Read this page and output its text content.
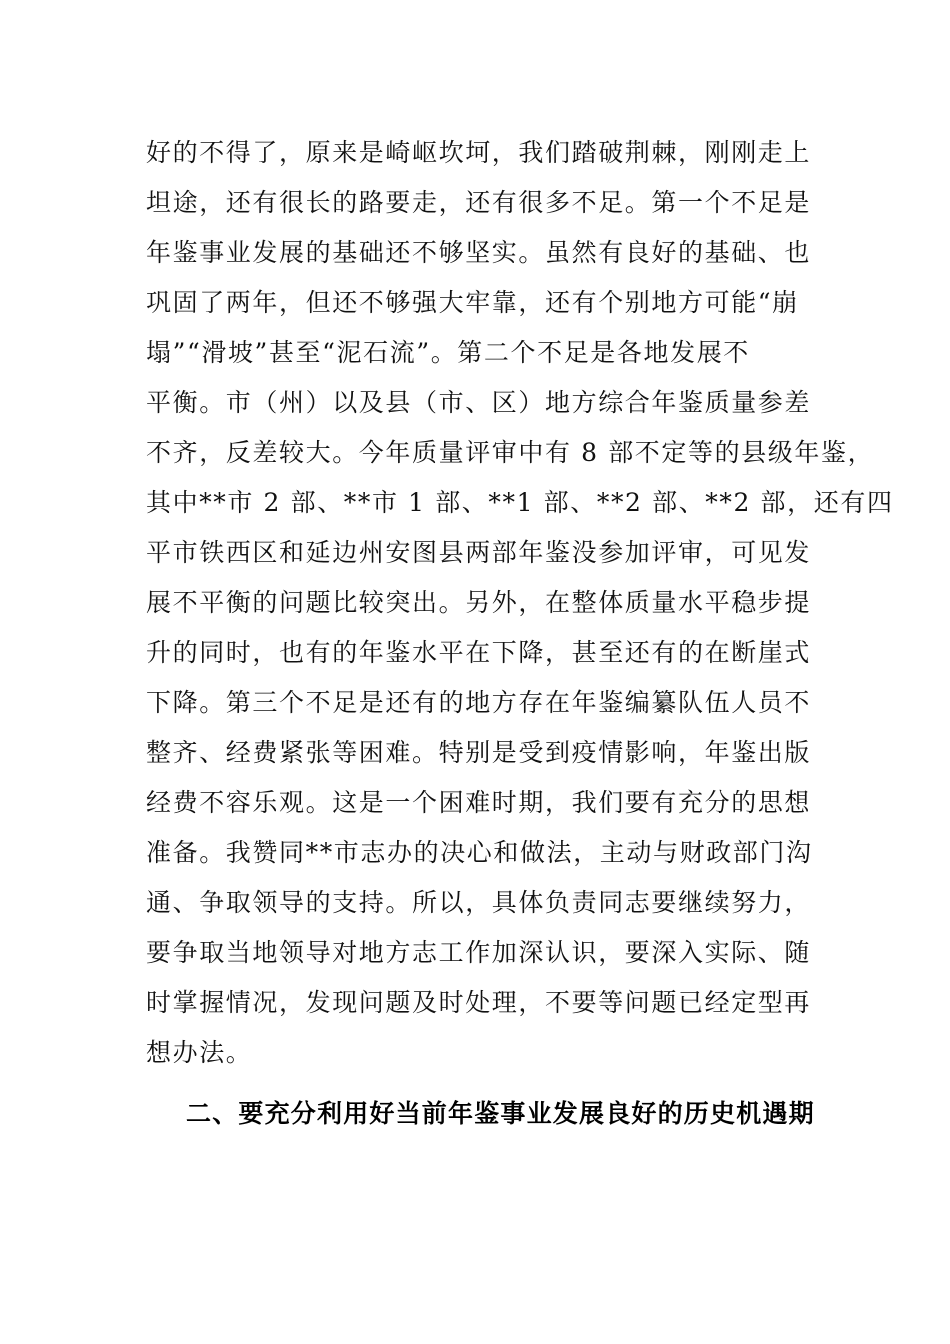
好的不得了，原来是崎岖坎坷，我们踏破荆棘，刚刚走上
坦途，还有很长的路要走，还有很多不足。第一个不足是
年鉴事业发展的基础还不够坚实。虽然有良好的基础、也
巩固了两年，但还不够强大牢靠，还有个别地方可能“崩
塌”“滑坡”甚至“泥石流”。第二个不足是各地发展不
平衡。市（州）以及县（市、区）地方综合年鉴质量参差
不齐，反差较大。今年质量评审中有 8 部不定等的县级年鉴，
其中**市 2 部、**市 1 部、**1 部、**2 部、**2 部，还有四
平市铁西区和延边州安图县两部年鉴没参加评审，可见发
展不平衡的问题比较突出。另外，在整体质量水平稳步提
升的同时，也有的年鉴水平在下降，甚至还有的在断崖式
下降。第三个不足是还有的地方存在年鉴编纂队伍人员不
整齐、经费紧张等困难。特别是受到疫情影响，年鉴出版
经费不容乐观。这是一个困难时期，我们要有充分的思想
准备。我赞同**市志办的决心和做法，主动与财政部门沟
通、争取领导的支持。所以，具体负责同志要继续努力，
要争取当地领导对地方志工作加深认识，要深入实际、随
时掌握情况，发现问题及时处理，不要等问题已经定型再
想办法。
二、要充分利用好当前年鉴事业发展良好的历史机遇期
